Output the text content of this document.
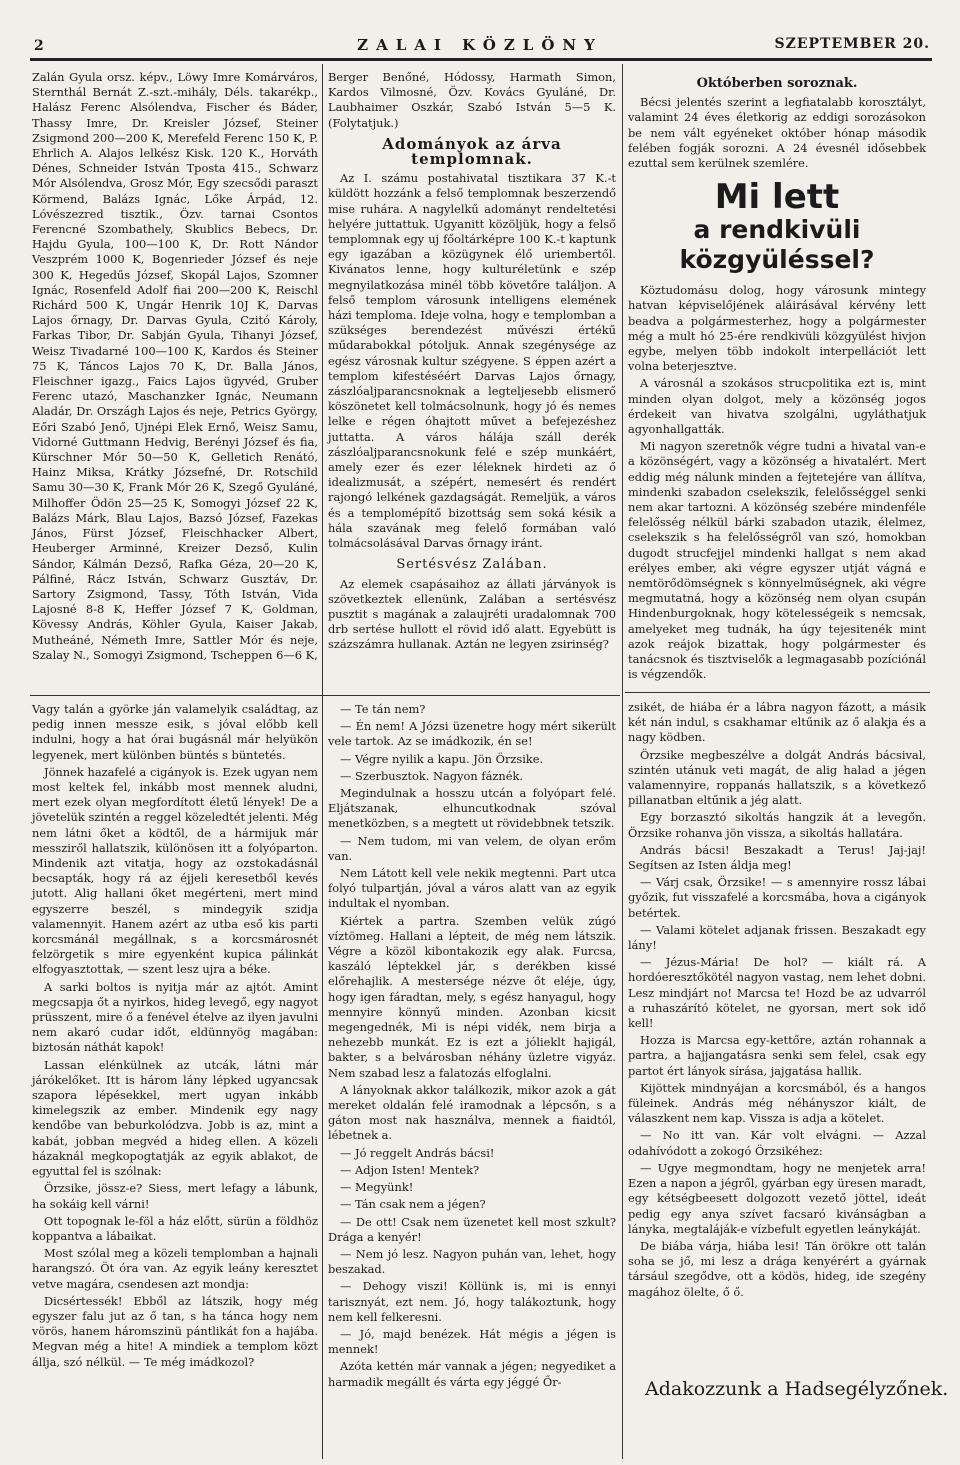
2	ZALAI KÖZLÖNY	SZEPTEMBER 20.

Zalán Gyula orsz. képv., Löwy Imre Komárváros, Sternthál Bernát Z.-szt.-mihály, Déls. takarékp., Halász Ferenc Alsólendva, Fischer és Báder, Thassy Imre, Dr. Kreisler József, Steiner Zsigmond 200—200 K, Merefeld Ferenc 150 K, P. Ehrlich A. Alajos lelkész Kisk. 120 K., Horváth Dénes, Schneider István Tposta 415., Schwarz Mór Alsólendva, Grosz Mór, Egy szecsődi paraszt Körmend, Balázs Ignác, Lőke Árpád, 12. Lóvészezred tisztik., Özv. tarnai Csontos Ferencné Szombathely, Skublics Bebecs, Dr. Hajdu Gyula, 100—100 K, Dr. Rott Nándor Veszprém 1000 K, Bogenrieder József és neje 300 K, Hegedűs József, Skopál Lajos, Szomner Ignác, Rosenfeld Adolf fiai 200—200 K, Reischl Richárd 500 K, Ungár Henrik 10J K, Darvas Lajos őrnagy, Dr. Darvas Gyula, Czitó Károly, Farkas Tibor, Dr. Sabján Gyula, Tihanyi József, Weisz Tivadarné 100—100 K, Kardos és Steiner 75 K, Táncos Lajos 70 K, Dr. Balla János, Fleischner igazg., Faics Lajos ügyvéd, Gruber Ferenc utazó, Maschanzker Ignác, Neumann Aladár, Dr. Országh Lajos és neje, Petrics György, Eőri Szabó Jenő, Ujnépi Elek Ernő, Weisz Samu, Vidorné Guttmann Hedvig, Berényi József és fia, Kürschner Mór 50—50 K, Gelletich Renátó, Hainz Miksa, Krátky Józsefné, Dr. Rotschild Samu 30—30 K, Frank Mór 26 K, Szegő Gyuláné, Milhoffer Ödön 25—25 K, Somogyi József 22 K, Balázs Márk, Blau Lajos, Bazsó József, Fazekas János, Fürst József, Fleischhacker Albert, Heuberger Arminné, Kreizer Dezső, Kulin Sándor, Kálmán Dezső, Rafka Géza, 20—20 K, Pálfiné, Rácz István, Schwarz Gusztáv, Dr. Sartory Zsigmond, Tassy, Tóth István, Vida Lajosné 8-8 K, Heffer József 7 K, Goldman, Kövessy András, Köhler Gyula, Kaiser Jakab, Mutheáné, Németh Imre, Sattler Mór és neje, Szalay N., Somogyi Zsigmond, Tscheppen 6—6 K,

Berger Benőné, Hódossy, Harmath Simon, Kardos Vilmosné, Özv. Kovács Gyuláné, Dr. Laubhaimer Oszkár, Szabó István 5—5 K. (Folytatjuk.)

Adományok az árva templomnak.

Az I. számu postahivatal tisztikara 37 K.-t küldött hozzánk a felső templomnak beszerzendő mise ruhára. A nagylelkű adományt rendeltetési helyére juttattuk. Ugyanitt közöljük, hogy a felső templomnak egy uj főoltárképre 100 K.-t kaptunk egy igazában a közügynek élő uriembertől. Kivánatos lenne, hogy kulturéletünk e szép megnyilatkozása minél több követőre találjon. A felső templom városunk intelligens elemének házi temploma. Ideje volna, hogy e templomban a szükséges berendezést művészi értékű műdarabokkal pótoljuk. Annak szegénysége az egész városnak kultur szégyene. S éppen azért a templom kifestéséért Darvas Lajos őrnagy, zászlóaljparancsnoknak a legteljesebb elismerő köszönetet kell tolmácsolnunk, hogy jó és nemes lelke e régen óhajtott művet a befejezéshez juttatta. A város hálája száll derék zászlóaljparancsnokunk felé e szép munkáért, amely ezer és ezer léleknek hirdeti az ő idealizmusát, a szépért, nemesért és rendért rajongó lelkének gazdagságát. Remeljük, a város és a templomépítő bizottság sem soká késik a hála szavának meg felelő formában való tolmácsolásával Darvas őrnagy iránt.

Sertésvész Zalában.

Az elemek csapásaihoz az állati járványok is szövetkeztek ellenünk, Zalában a sertésvész pusztit s magának a zalaujréti uradalomnak 700 drb sertése hullott el rövid idő alatt. Egyebütt is százszámra hullanak. Aztán ne legyen zsirinség?

Októberben soroznak.

Bécsi jelentés szerint a legfiatalabb korosztályt, valamint 24 éves életkorig az eddigi sorozásokon be nem vált egyéneket október hónap második felében fogják sorozni. A 24 évesnél idősebbek ezuttal sem kerülnek szemlére.

Mi lett
a rendkivüli közgyüléssel?

Köztudomásu dolog, hogy városunk mintegy hatvan képviselőjének aláirásával kérvény lett beadva a polgármesterhez, hogy a polgármester még a mult hó 25-ére rendkivüli közgyülést hivjon egybe, melyen több indokolt interpellációt lett volna beterjesztve.

A városnál a szokásos strucpolitika ezt is, mint minden olyan dolgot, mely a közönség jogos érdekeit van hivatva szolgálni, ugyláthatjuk agyonhallgatták.

Mi nagyon szeretnők végre tudni a hivatal van-e a közönségért, vagy a közönség a hivatalért. Mert eddig még nálunk minden a fejtetejére van állítva, mindenki szabadon cselekszik, felelősséggel senki nem akar tartozni. A közönség szebére mindenféle felelősség nélkül bárki szabadon utazik, élelmez, cselekszik s ha felelősségről van szó, homokban dugodt strucfejjel mindenki hallgat s nem akad erélyes ember, aki végre egyszer utját vágná e nemtörődömségnek s könnyelműségnek, aki végre megmutatná, hogy a közönség nem olyan csupán Hindenburgoknak, hogy kötelességeik s nemcsak, amelyeket meg tudnák, ha úgy tejesitenék mint azok reájok bizattak, hogy polgármester és tanácsnok és tisztviselők a legmagasabb pozíciónál is végzendők.

Vagy talán a györke ján valamelyik családtag, az pedig innen messze esik, s jóval előbb kell indulni, hogy a hat órai bugásnál már helyükön legyenek, mert különben büntés s büntetés.

Jönnek hazafelé a cigányok is. Ezek ugyan nem most keltek fel, inkább most mennek aludni, mert ezek olyan megfordított életű lények! De a jövetelük szintén a reggel közeledtét jelenti. Még nem látni őket a ködtől, de a hármijuk már messziről hallatszik, különösen itt a folyóparton. Mindenik azt vitatja, hogy az ozstokadásnál becsapták, hogy rá az éjjeli keresetből kevés jutott. Alig hallani őket megérteni, mert mind egyszerre beszél, s mindegyik szidja valamennyit. Hanem azért az utba eső kis parti korcsmánál megállnak, s a korcsmárosnét felzörgetik s mire egyenként kupica pálinkát elfogyasztottak, — szent lesz ujra a béke.

A sarki boltos is nyitja már az ajtót. Amint megcsapja őt a nyirkos, hideg levegő, egy nagyot prüsszent, mire ő a fenével ételve az ilyen javulni nem akaró cudar időt, eldünnyög magában: biztosán náthát kapok!

Lassan elénkülnek az utcák, látni már járókelőket. Itt is három lány lépked ugyancsak szapora lépésekkel, mert ugyan inkább kimelegszik az ember. Mindenik egy nagy kendőbe van beburkolódzva. Jobb is az, mint a kabát, jobban megvéd a hideg ellen. A közeli házaknál megkopogtatják az egyik ablakot, de egyuttal fel is szólnak:

Örzsike, jössz-e? Siess, mert lefagy a lábunk, ha sokáig kell várni!

Ott topognak le-föl a ház előtt, sürün a földhöz koppantva a lábaikat.

Most szólal meg a közeli templomban a hajnali harangszó. Öt óra van. Az egyik leány keresztet vetve magára, csendesen azt mondja:

Dicsértessék! Ebből az látszik, hogy még egyszer falu jut az ő tan, s ha tánca hogy nem vörös, hanem háromszinü pántlikát fon a hajába. Megvan még a hite! A mindiek a templom közt állja, szó nélkül. — Te még imádkozol?

— Te tán nem?

— Én nem! A Józsi üzenetre hogy mért sikerült vele tartok. Az se imádkozik, én se!

— Végre nyilik a kapu. Jön Örzsike.

— Szerbusztok. Nagyon fáznék.

Megindulnak a hosszu utcán a folyópart felé. Eljátszanak, elhuncutkodnak szóval menetközben, s a megtett ut rövidebbnek tetszik.

— Nem tudom, mi van velem, de olyan erőm van.

Nem Látott kell vele nekik megtenni. Part utca folyó tulpartján, jóval a város alatt van az egyik indultak el nyomban.

Kiértek a partra. Szemben velük zúgó víztömeg. Hallani a lépteit, de még nem látszik. Végre a közöl kibontakozik egy alak. Furcsa, kaszáló léptekkel jár, s derékben kissé előrehajlik. A mestersége nézve őt eléje, úgy, hogy igen fáradtan, mely, s egész hanyagul, hogy mennyire könnyű minden. Azonban kicsit megengednék, Mi is népi vidék, nem birja a nehezebb munkát. Ez is ezt a jólieklt hajigál, bakter, s a belvárosban néhány üzletre vigyáz. Nem szabad lesz a falatozás elfoglalni.

A lányoknak akkor találkozik, mikor azok a gát mereket oldalán felé iramodnak a lépcsőn, s a gáton most nak használva, mennek a fiaidtól, lébetnek a.

— Jó reggelt András bácsi!

— Adjon Isten! Mentek?

— Megyünk!

— Tán csak nem a jégen?

— De ott! Csak nem üzenetet kell most szkult? Drága a kenyér!

— Nem jó lesz. Nagyon puhán van, lehet, hogy beszakad.

— Dehogy viszi! Köllünk is, mi is ennyi tarisznyát, ezt nem. Jó, hogy talákoztunk, hogy nem kell felkeresni.

— Jó, majd benézek. Hát mégis a jégen is mennek!

Azóta kettén már vannak a jégen; negyediket a harmadik megállt és várta egy jéggé Őr-

zsikét, de hiába ér a lábra nagyon fázott, a másik két nán indul, s csakhamar eltűnik az ő alakja és a nagy ködben.

Örzsike megbeszélve a dolgát András bácsival, szintén utánuk veti magát, de alig halad a jégen valamennyire, roppanás hallatszik, s a következő pillanatban eltűnik a jég alatt.

Egy borzasztó sikoltás hangzik át a levegőn. Örzsike rohanva jön vissza, a sikoltás hallatára.

András bácsi! Beszakadt a Terus! Jaj-jaj! Segítsen az Isten áldja meg!

— Várj csak, Örzsike! — s amennyire rossz lábai győzik, fut visszafelé a korcsmába, hova a cigányok betértek.

— Valami kötelet adjanak frissen. Beszakadt egy lány!

— Jézus-Mária! De hol? — kiált rá. A hordóeresztőkötél nagyon vastag, nem lehet dobni. Lesz mindjárt no! Marcsa te! Hozd be az udvarról a ruhaszárító kötelet, ne gyorsan, mert sok idő kell!

Hozza is Marcsa egy-kettőre, aztán rohannak a partra, a hajjangatásra senki sem felel, csak egy partot ért lányok sírása, jajgatása hallik.

Kijöttek mindnyájan a korcsmából, és a hangos füleinek. András még néhányszor kiált, de válaszkent nem kap. Vissza is adja a kötelet.

— No itt van. Kár volt elvágni. — Azzal odahívódott a zokogó Örzsikéhez:

— Ugye megmondtam, hogy ne menjetek arra! Ezen a napon a jégről, gyárban egy üresen maradt, egy kétségbeesett dolgozott vezető jöttel, ideát pedig egy anya szívet facsaró kivánságban a lányka, megtaláják-e vízbefult egyetlen leánykáját.

De biába várja, hiába lesi! Tán örökre ott talán soha se jő, mi lesz a drága kenyérért a gyárnak társául szegődve, ott a ködös, hideg, ide szegény magához ölelte, ő ő.

Adakozzunk a Hadsegélyzőnek.
